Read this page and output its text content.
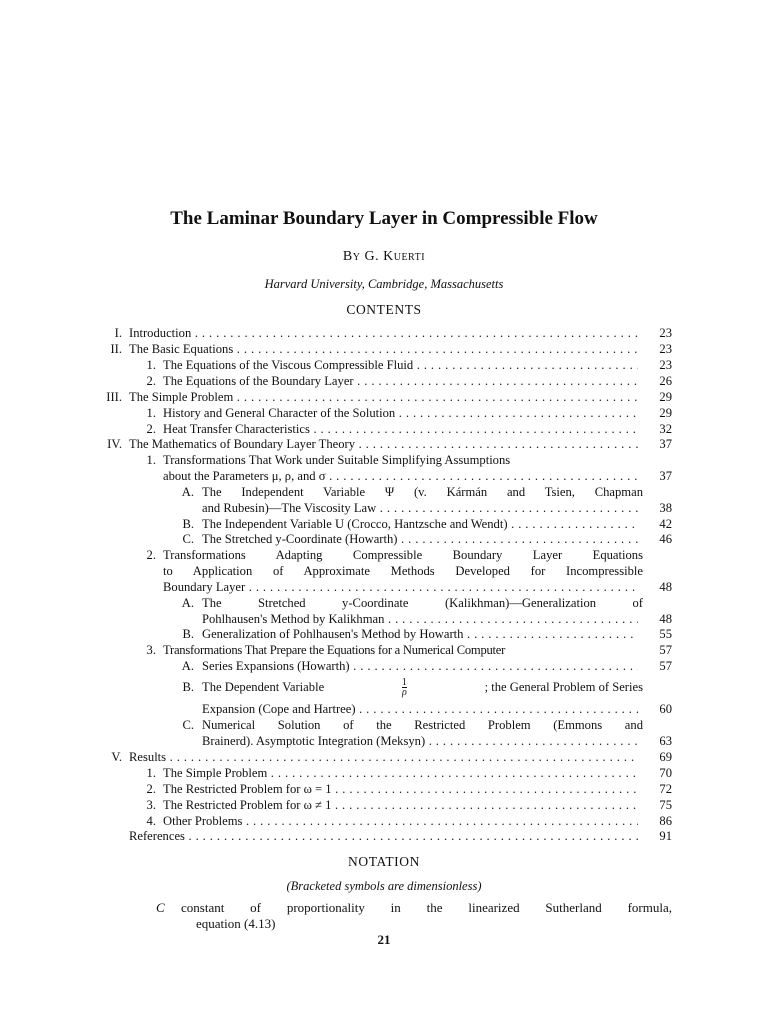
The Laminar Boundary Layer in Compressible Flow
By G. Kuerti
Harvard University, Cambridge, Massachusetts
CONTENTS
I. Introduction . . .	23
II. The Basic Equations . . .	23
1. The Equations of the Viscous Compressible Fluid . . .	23
2. The Equations of the Boundary Layer . . .	26
III. The Simple Problem . . .	29
1. History and General Character of the Solution . . .	29
2. Heat Transfer Characteristics . . .	32
IV. The Mathematics of Boundary Layer Theory . . .	37
1. Transformations That Work under Suitable Simplifying Assumptions
about the Parameters μ, ρ, and σ . . .	37
A. The Independent Variable Ψ (v. Kármán and Tsien, Chapman
and Rubesin)—The Viscosity Law . . .	38
B. The Independent Variable U (Crocco, Hantzsche and Wendt) . . .	42
C. The Stretched y-Coordinate (Howarth) . . .	46
2. Transformations Adapting Compressible Boundary Layer Equations
to Application of Approximate Methods Developed for Incompressible
Boundary Layer . . .	48
A. The Stretched y-Coordinate (Kalikhman)—Generalization of
Pohlhausen's Method by Kalikhman . . .	48
B. Generalization of Pohlhausen's Method by Howarth . . .	55
3. Transformations That Prepare the Equations for a Numerical Computer	57
A. Series Expansions (Howarth) . . .	57
B. The Dependent Variable	$\frac{1}{\rho}$	; the General Problem of Series
Expansion (Cope and Hartree) . . .	60
C. Numerical Solution of the Restricted Problem (Emmons and
Brainerd). Asymptotic Integration (Meksyn) . . .	63
V. Results . . .	69
1. The Simple Problem . . .	70
2. The Restricted Problem for ω = 1 . . .	72
3. The Restricted Problem for ω ≠ 1 . . .	75
4. Other Problems . . .	86
References . . .	91
NOTATION
(Bracketed symbols are dimensionless)
C constant of proportionality in the linearized Sutherland formula,
equation (4.13)
21
